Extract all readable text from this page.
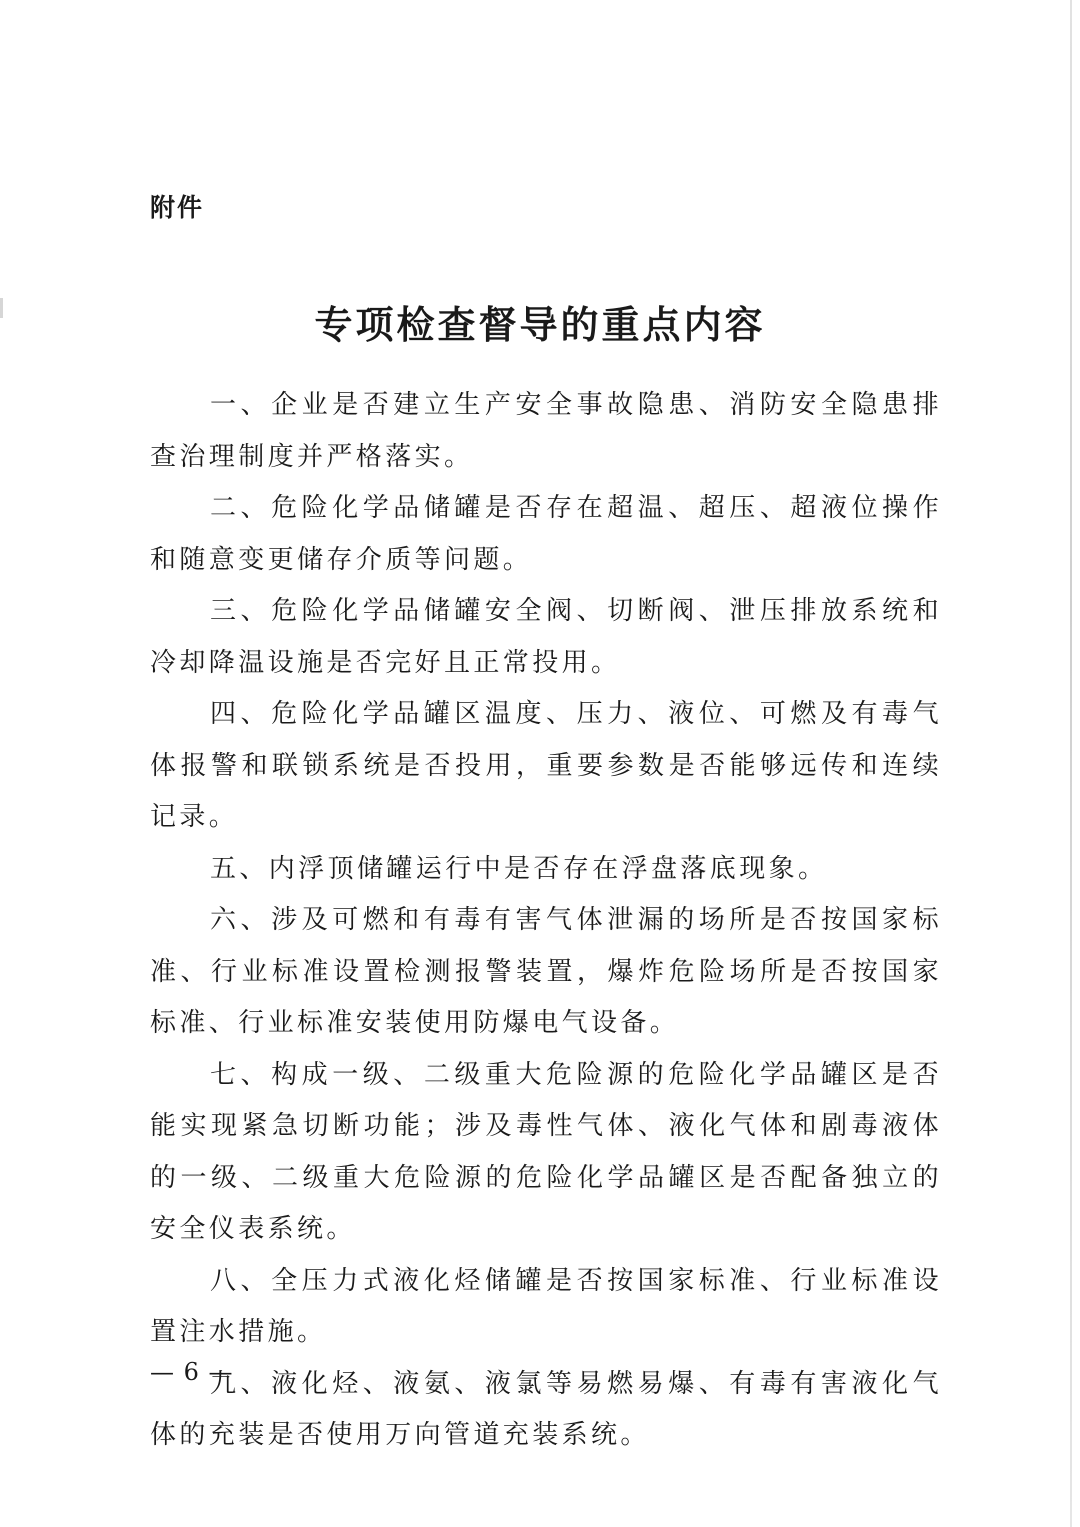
附件
专项检查督导的重点内容

一、企业是否建立生产安全事故隐患、消防安全隐患排查治理制度并严格落实。

二、危险化学品储罐是否存在超温、超压、超液位操作和随意变更储存介质等问题。

三、危险化学品储罐安全阀、切断阀、泄压排放系统和冷却降温设施是否完好且正常投用。

四、危险化学品罐区温度、压力、液位、可燃及有毒气体报警和联锁系统是否投用，重要参数是否能够远传和连续记录。

五、内浮顶储罐运行中是否存在浮盘落底现象。

六、涉及可燃和有毒有害气体泄漏的场所是否按国家标准、行业标准设置检测报警装置，爆炸危险场所是否按国家标准、行业标准安装使用防爆电气设备。

七、构成一级、二级重大危险源的危险化学品罐区是否能实现紧急切断功能；涉及毒性气体、液化气体和剧毒液体的一级、二级重大危险源的危险化学品罐区是否配备独立的安全仪表系统。

八、全压力式液化烃储罐是否按国家标准、行业标准设置注水措施。

九、液化烃、液氨、液氯等易燃易爆、有毒有害液化气体的充装是否使用万向管道充装系统。

— 6 —
